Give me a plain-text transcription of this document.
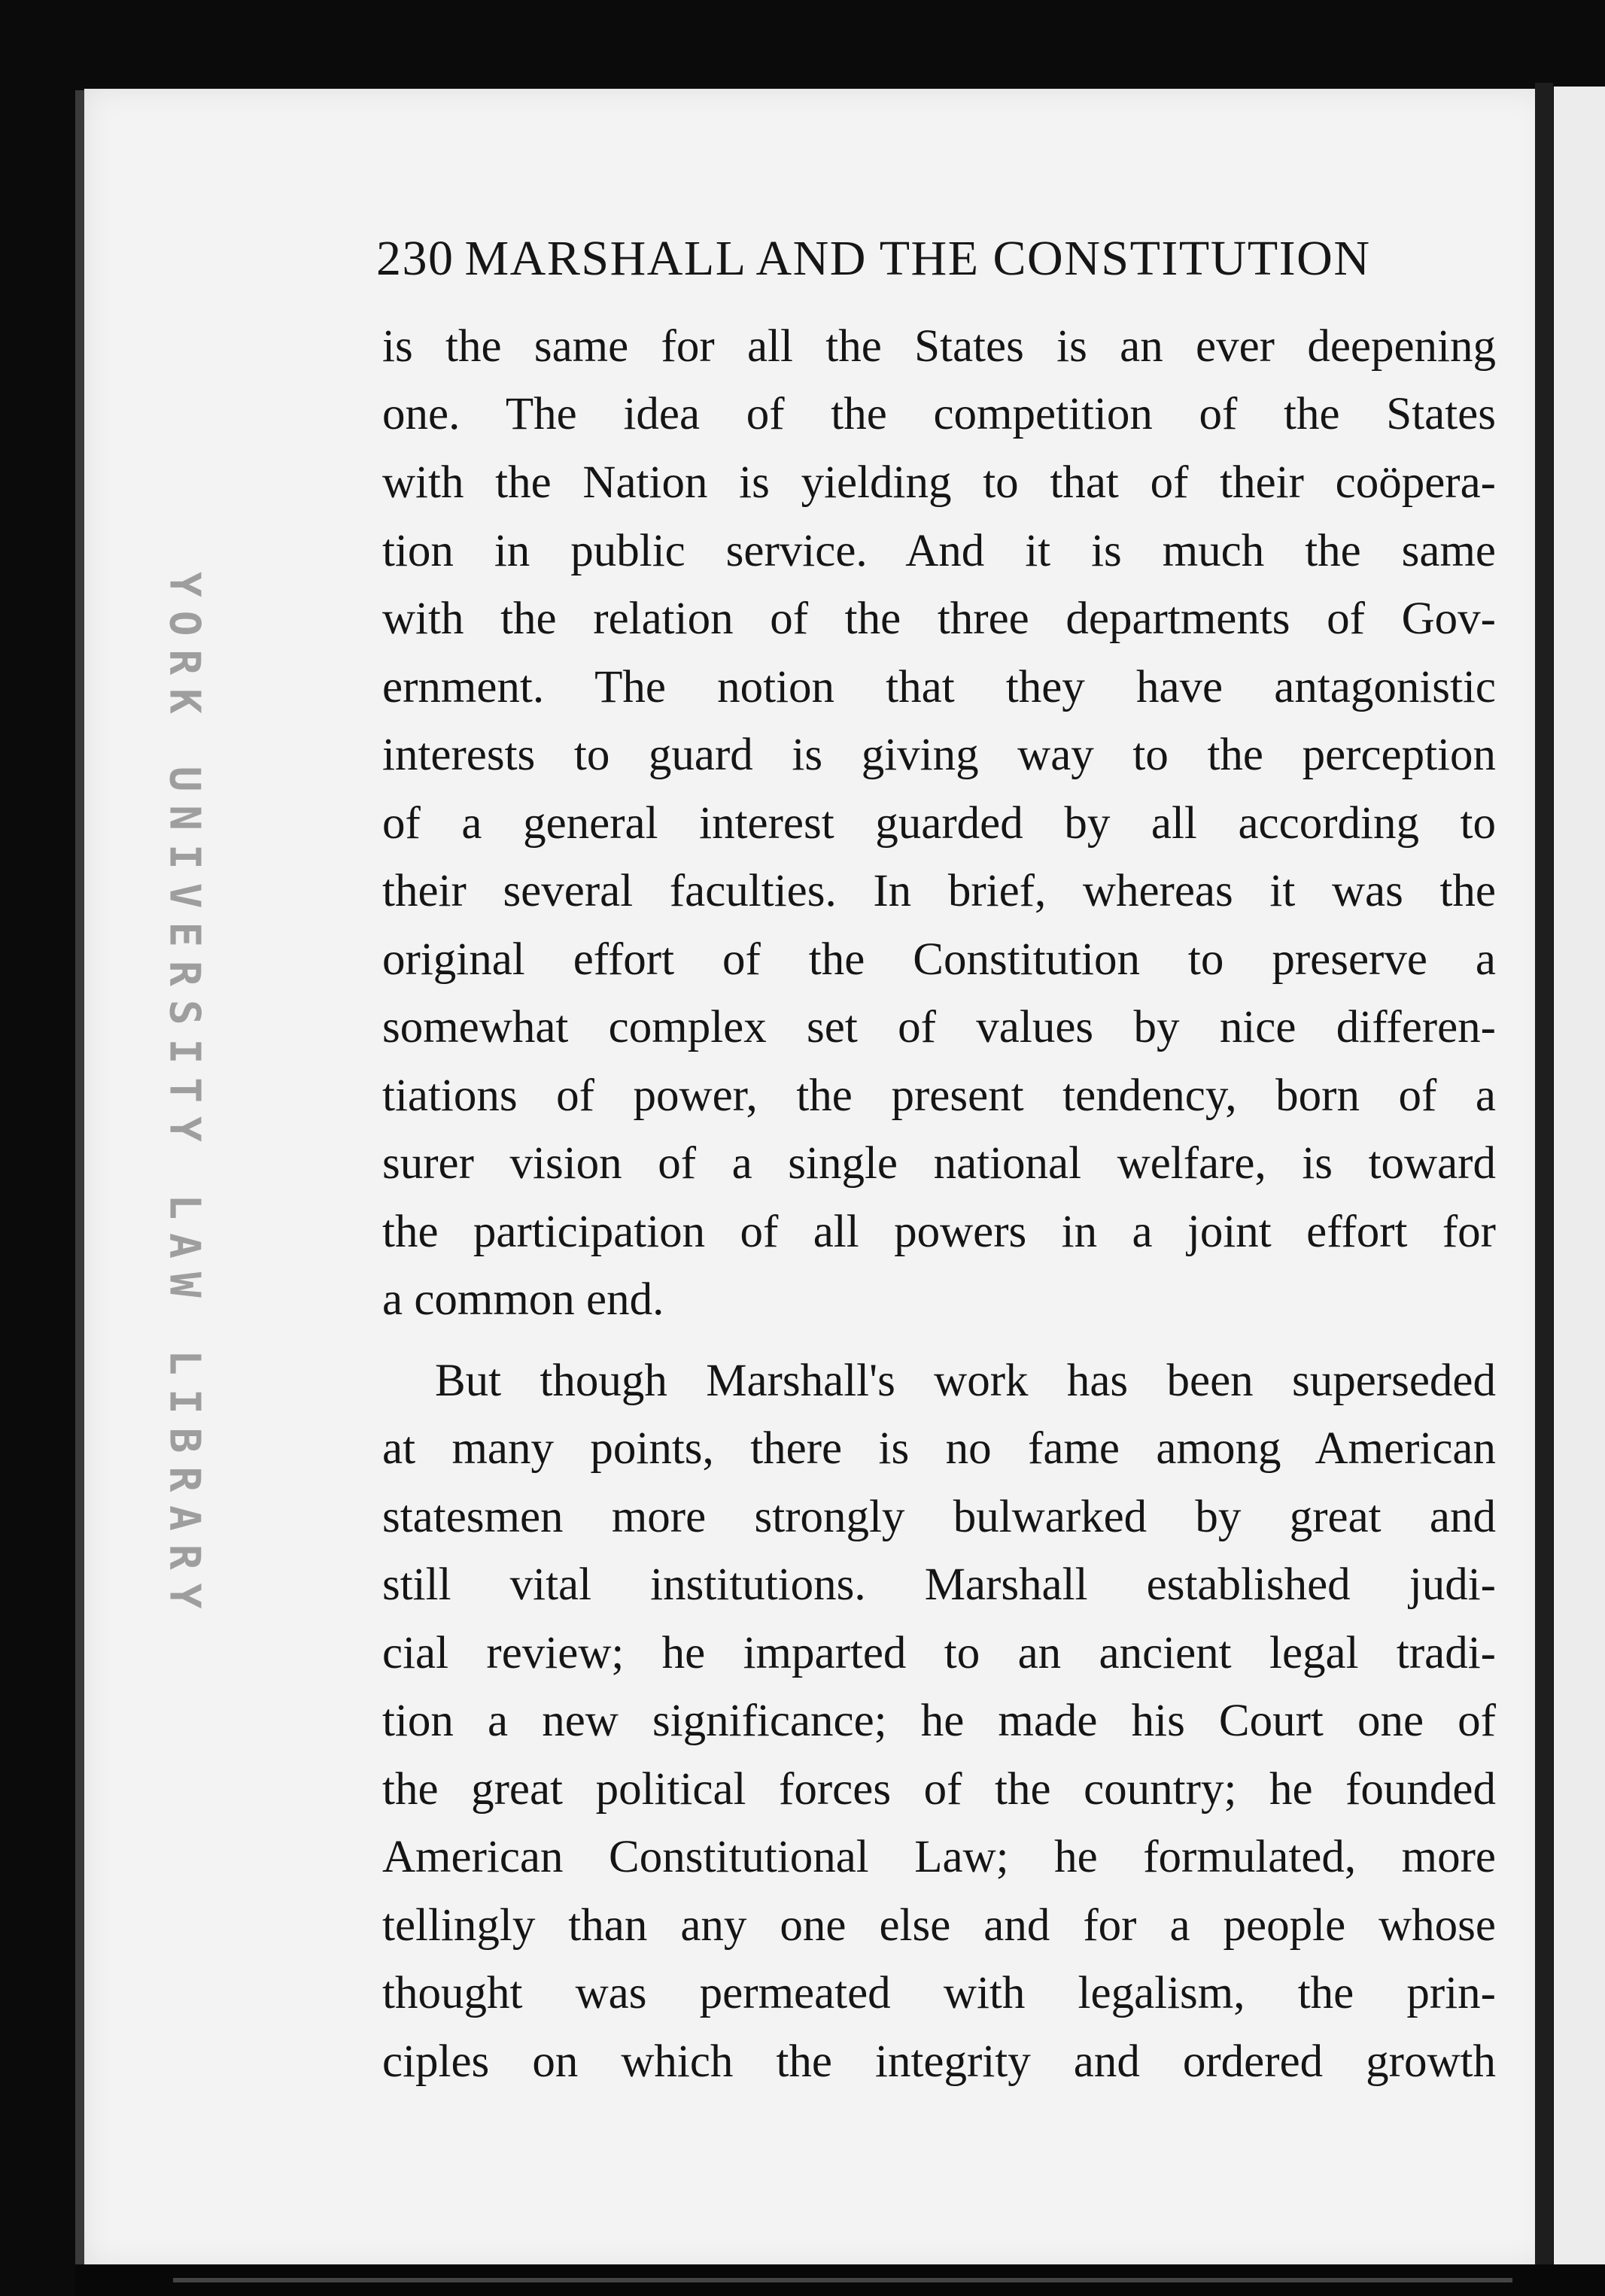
YORK UNIVERSITY LAW LIBRARY
230 MARSHALL AND THE CONSTITUTION
is the same for all the States is an ever deepening
one. The idea of the competition of the States
with the Nation is yielding to that of their coöpera-
tion in public service. And it is much the same
with the relation of the three departments of Gov-
ernment. The notion that they have antagonistic
interests to guard is giving way to the perception
of a general interest guarded by all according to
their several faculties. In brief, whereas it was the
original effort of the Constitution to preserve a
somewhat complex set of values by nice differen-
tiations of power, the present tendency, born of a
surer vision of a single national welfare, is toward
the participation of all powers in a joint effort for
a common end.
But though Marshall's work has been superseded
at many points, there is no fame among American
statesmen more strongly bulwarked by great and
still vital institutions. Marshall established judi-
cial review; he imparted to an ancient legal tradi-
tion a new significance; he made his Court one of
the great political forces of the country; he founded
American Constitutional Law; he formulated, more
tellingly than any one else and for a people whose
thought was permeated with legalism, the prin-
ciples on which the integrity and ordered growth
